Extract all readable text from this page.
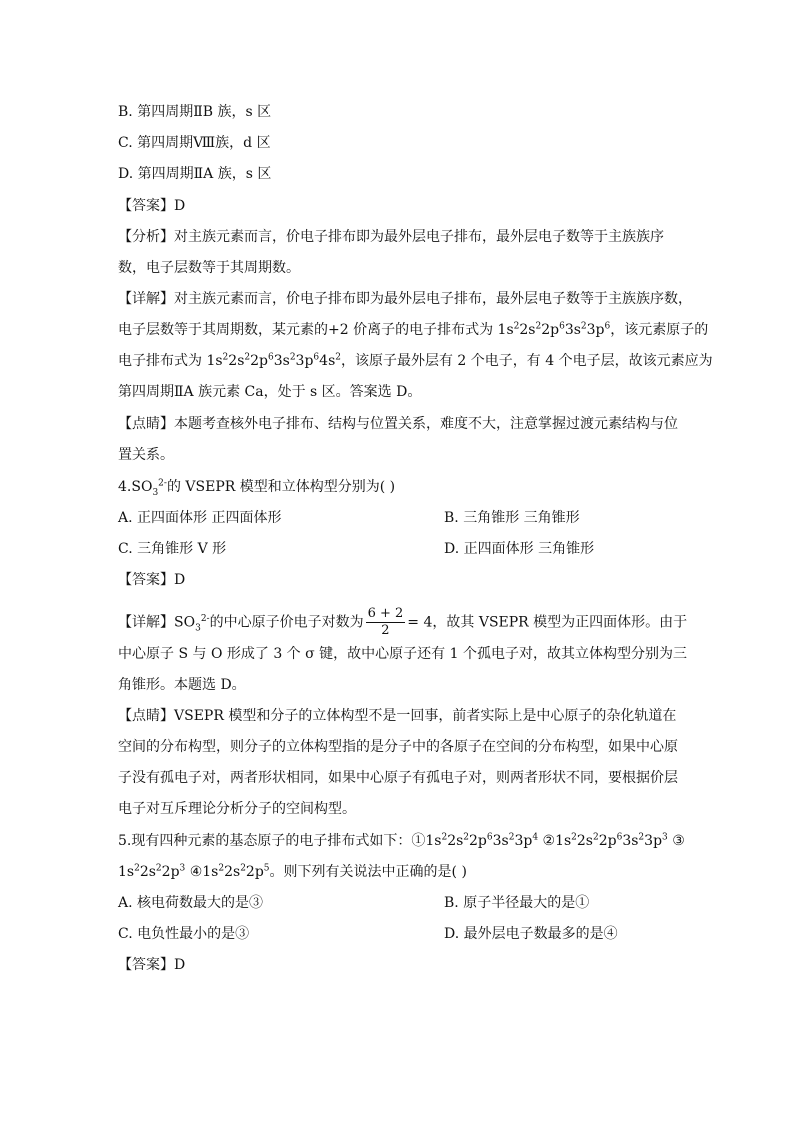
B. 第四周期ⅡB 族，s 区
C. 第四周期Ⅷ族，d 区
D. 第四周期ⅡA 族，s 区
【答案】D
【分析】对主族元素而言，价电子排布即为最外层电子排布，最外层电子数等于主族族序
数，电子层数等于其周期数。
【详解】对主族元素而言，价电子排布即为最外层电子排布，最外层电子数等于主族族序数，
电子层数等于其周期数，某元素的+2 价离子的电子排布式为 $1s^22s^22p^63s^23p^6$，该元素原子的
电子排布式为 $1s^22s^22p^63s^23p^64s^2$，该原子最外层有 2 个电子，有 4 个电子层，故该元素应为
第四周期ⅡA 族元素 Ca，处于 s 区。答案选 D。
【点睛】本题考查核外电子排布、结构与位置关系，难度不大，注意掌握过渡元素结构与位
置关系。
$4.SO_3^{2-}$的 VSEPR 模型和立体构型分别为( )
A. 正四面体形 正四面体形	B. 三角锥形 三角锥形
C. 三角锥形 V 形	D. 正四面体形 三角锥形
【答案】D
【详解】$SO_3^{2-}$的中心原子价电子对数为 $\frac{6 + 2}{2} = 4$，故其 VSEPR 模型为正四面体形。由于
中心原子 S 与 O 形成了 3 个 σ 键，故中心原子还有 1 个孤电子对，故其立体构型分别为三
角锥形。本题选 D。
【点睛】VSEPR 模型和分子的立体构型不是一回事，前者实际上是中心原子的杂化轨道在
空间的分布构型，则分子的立体构型指的是分子中的各原子在空间的分布构型，如果中心原
子没有孤电子对，两者形状相同，如果中心原子有孤电子对，则两者形状不同，要根据价层
电子对互斥理论分析分子的空间构型。
5.现有四种元素的基态原子的电子排布式如下：$①1s^22s^22p^63s^23p^4$ $②1s^22s^22p^63s^23p^3$ ③
$1s^22s^22p^3$ $④1s^22s^22p^5$。则下列有关说法中正确的是( )
A. 核电荷数最大的是③	B. 原子半径最大的是①
C. 电负性最小的是③	D. 最外层电子数最多的是④
【答案】D
